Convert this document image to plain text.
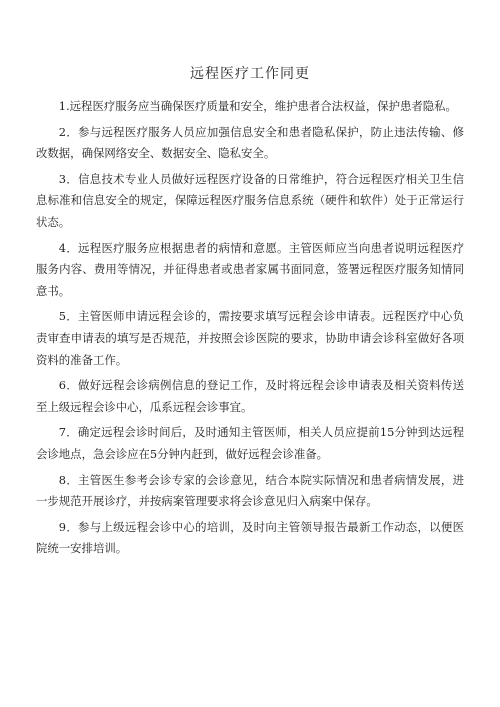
远程医疗工作同更

1.远程医疗服务应当确保医疗质量和安全，维护患者合法权益，保护患者隐私。

2．参与远程医疗服务人员应加强信息安全和患者隐私保护，防止违法传输、修改数据，确保网络安全、数据安全、隐私安全。

3．信息技术专业人员做好远程医疗设备的日常维护，符合远程医疗相关卫生信息标准和信息安全的规定，保障远程医疗服务信息系统（硬件和软件）处于正常运行状态。

4．远程医疗服务应根据患者的病情和意愿。主管医师应当向患者说明远程医疗服务内容、费用等情况，并征得患者或患者家属书面同意，签署远程医疗服务知情同意书。

5．主管医师申请远程会诊的，需按要求填写远程会诊申请表。远程医疗中心负责审查申请表的填写是否规范，并按照会诊医院的要求，协助申请会诊科室做好各项资料的准备工作。

6．做好远程会诊病例信息的登记工作，及时将远程会诊申请表及相关资料传送至上级远程会诊中心，瓜系远程会诊事宜。

7．确定远程会诊时间后，及时通知主管医师，相关人员应提前15分钟到达远程会诊地点，急会诊应在5分钟内赶到，做好远程会诊准备。

8．主管医生参考会诊专家的会诊意见，结合本院实际情况和患者病情发展，进一步规范开展诊疗，并按病案管理要求将会诊意见归入病案中保存。

9．参与上级远程会诊中心的培训，及时向主管领导报告最新工作动态，以便医院统一安排培训。
